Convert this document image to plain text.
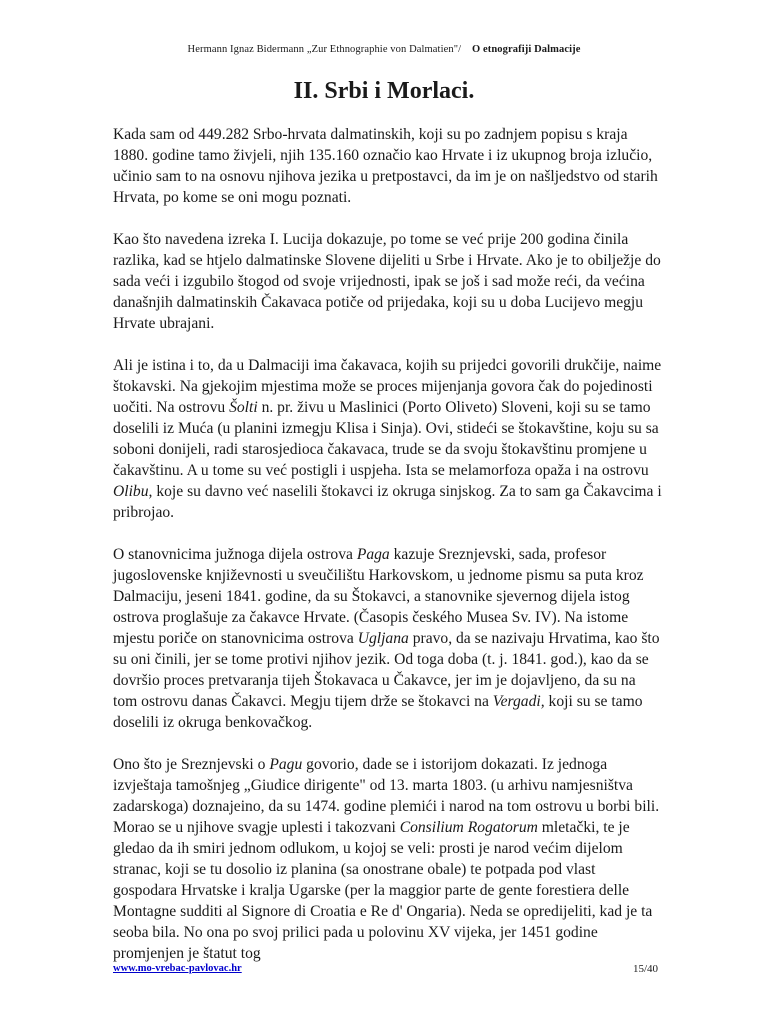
Hermann Ignaz Bidermann „Zur Ethnographie von Dalmatien"/ O etnografiji Dalmacije
II. Srbi i Morlaci.

Kada sam od 449.282 Srbo-hrvata dalmatinskih, koji su po zadnjem popisu s kraja 1880. godine tamo živjeli, njih 135.160 označio kao Hrvate i iz ukupnog broja izlučio, učinio sam to na osnovu njihova jezika u pretpostavci, da im je on našljedstvo od starih Hrvata, po kome se oni mogu poznati.

Kao što navedena izreka I. Lucija dokazuje, po tome se već prije 200 godina činila razlika, kad se htjelo dalmatinske Slovene dijeliti u Srbe i Hrvate. Ako je to obilježje do sada veći i izgubilo štogod od svoje vrijednosti, ipak se još i sad može reći, da većina današnjih dalmatinskih Čakavaca potiče od prijedaka, koji su u doba Lucijevo megju Hrvate ubrajani.

Ali je istina i to, da u Dalmaciji ima čakavaca, kojih su prijedci govorili drukčije, naime štokavski. Na gjekojim mjestima može se proces mijenjanja govora čak do pojedinosti uočiti. Na ostrovu Šolti n. pr. živu u Maslinici (Porto Oliveto) Sloveni, koji su se tamo doselili iz Muća (u planini izmegju Klisa i Sinja). Ovi, stideći se štokavštine, koju su sa soboni donijeli, radi starosjedioca čakavaca, trude se da svoju štokavštinu promjene u čakavštinu. A u tome su već postigli i uspjeha. Ista se melamorfoza opaža i na ostrovu Olibu, koje su davno već naselili štokavci iz okruga sinjskog. Za to sam ga Čakavcima i pribrojao.

O stanovnicima južnoga dijela ostrova Paga kazuje Sreznjevski, sada, profesor jugoslovenske književnosti u sveučilištu Harkovskom, u jednome pismu sa puta kroz Dalmaciju, jeseni 1841. godine, da su Štokavci, a stanovnike sjevernog dijela istog ostrova proglašuje za čakavce Hrvate. (Časopis českého Musea Sv. IV). Na istome mjestu poriče on stanovnicima ostrova Ugljana pravo, da se nazivaju Hrvatima, kao što su oni činili, jer se tome protivi njihov jezik. Od toga doba (t. j. 1841. god.), kao da se dovršio proces pretvaranja tijeh Štokavaca u Čakavce, jer im je dojavljeno, da su na tom ostrovu danas Čakavci. Megju tijem drže se štokavci na Vergadi, koji su se tamo doselili iz okruga benkovačkog.

Ono što je Sreznjevski o Pagu govorio, dade se i istorijom dokazati. Iz jednoga izvještaja tamošnjeg „Giudice dirigente" od 13. marta 1803. (u arhivu namjesništva zadarskoga) doznajeino, da su 1474. godine plemići i narod na tom ostrovu u borbi bili. Morao se u njihove svagje uplesti i takozvani Consilium Rogatorum mletački, te je gledao da ih smiri jednom odlukom, u kojoj se veli: prosti je narod većim dijelom stranac, koji se tu dosolio iz planina (sa onostrane obale) te potpada pod vlast gospodara Hrvatske i kralja Ugarske (per la maggior parte de gente forestiera delle Montagne sudditi al Signore di Croatia e Re d' Ongaria). Neda se opredijeliti, kad je ta seoba bila. No ona po svoj prilici pada u polovinu XV vijeka, jer 1451 godine promjenjen je štatut tog

www.mo-vrebac-pavlovac.hr	15/40
